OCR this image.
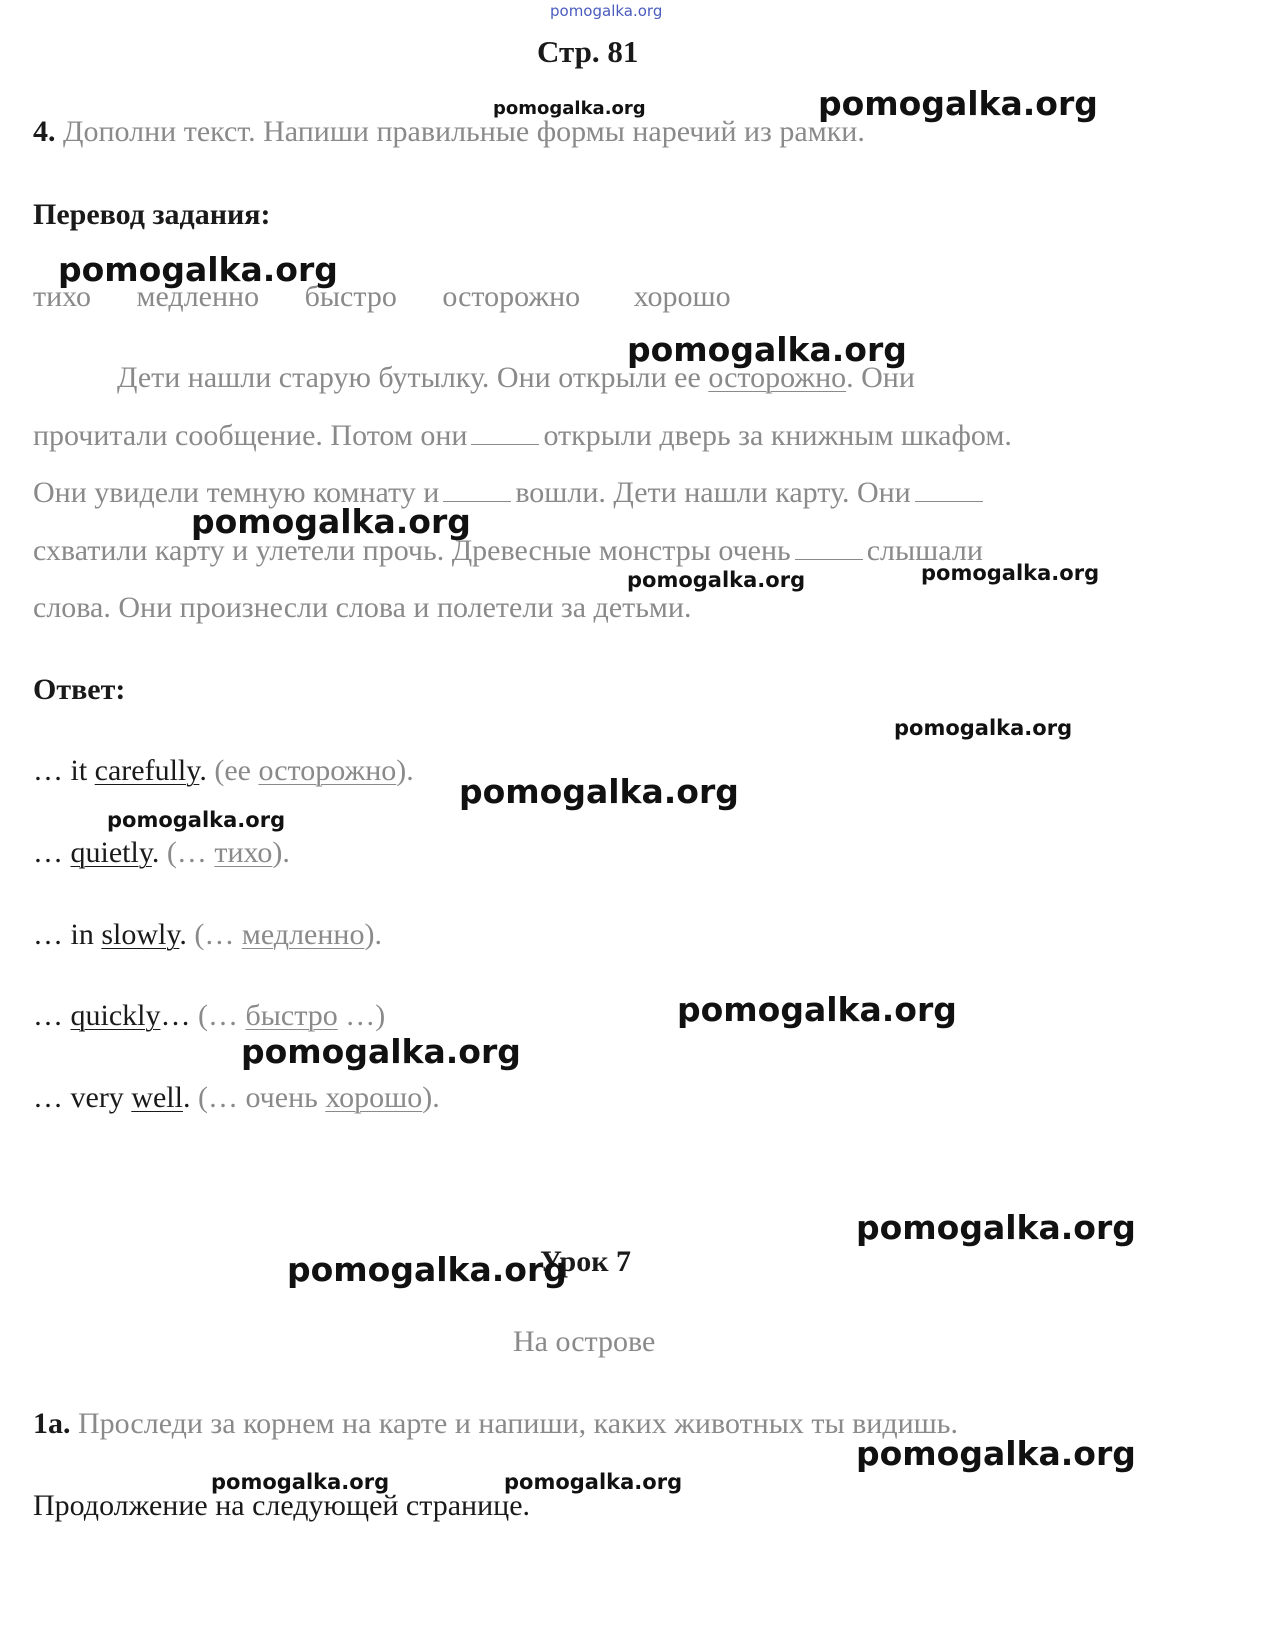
pomogalka.org
Стр. 81
4. Дополни текст. Напиши правильные формы наречий из рамки.
Перевод задания:
тихо медленно быстро осторожно хорошо
Дети нашли старую бутылку. Они открыли ее осторожно. Они
прочитали сообщение. Потом они	открыли дверь за книжным шкафом.
Они увидели темную комнату и	вошли. Дети нашли карту. Они
схватили карту и улетели прочь. Древесные монстры очень	слышали
слова. Они произнесли слова и полетели за детьми.
Ответ:
… it carefully. (ее осторожно).
… quietly. (… тихо).
… in slowly. (… медленно).
… quickly… (… быстро …)
… very well. (… очень хорошо).
Урок 7
На острове
1a. Проследи за корнем на карте и напиши, каких животных ты видишь.
Продолжение на следующей странице.
pomogalka.org	pomogalka.org
pomogalka.org
pomogalka.org
pomogalka.org
pomogalka.org	pomogalka.org
pomogalka.org
pomogalka.org
pomogalka.org
pomogalka.org
pomogalka.org
pomogalka.org
pomogalka.org
pomogalka.org
pomogalka.org	pomogalka.org
